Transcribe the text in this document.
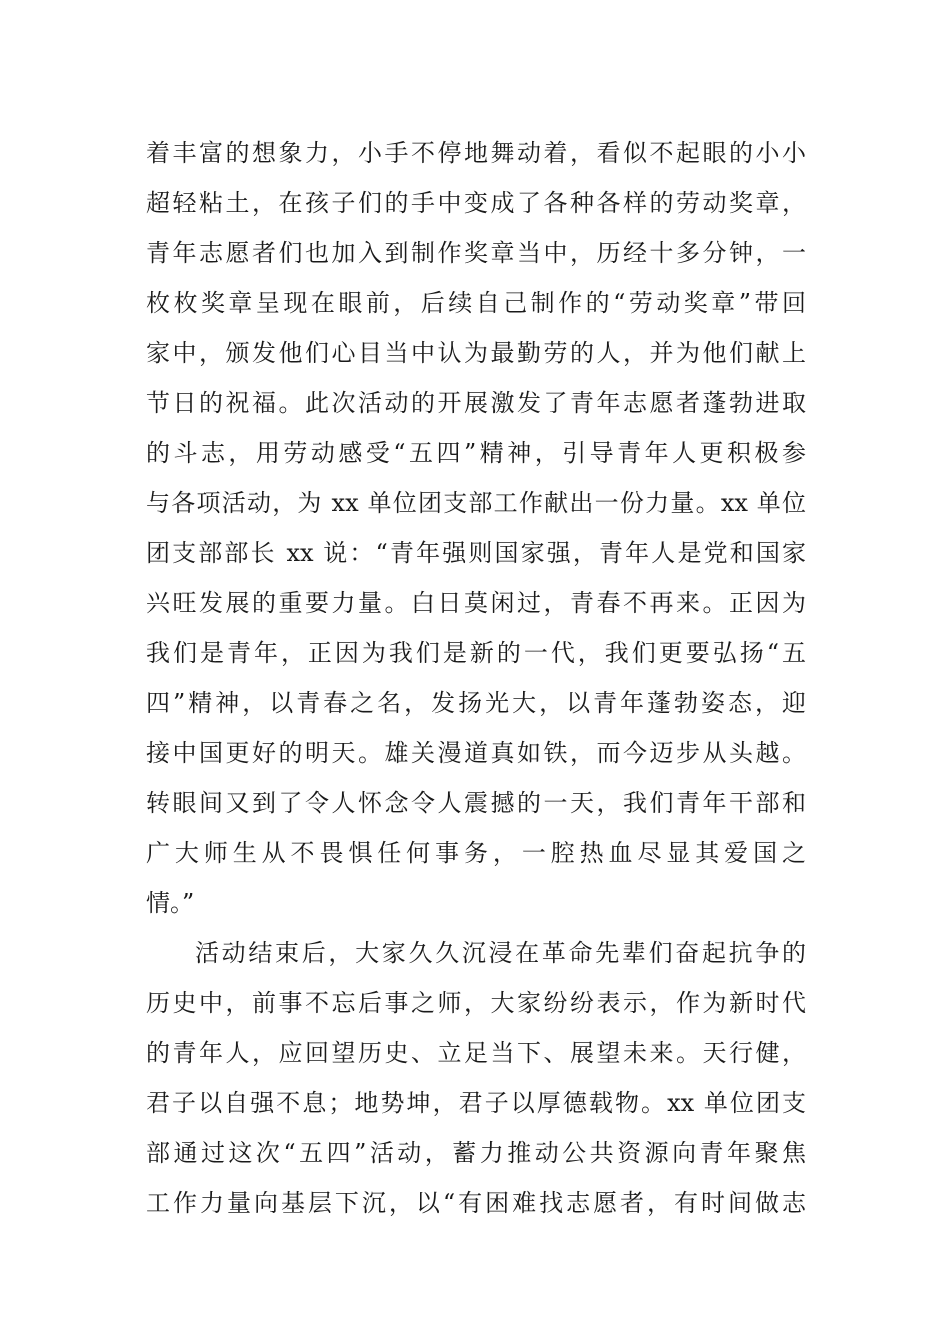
着丰富的想象力，小手不停地舞动着，看似不起眼的小小
超轻粘土，在孩子们的手中变成了各种各样的劳动奖章，
青年志愿者们也加入到制作奖章当中，历经十多分钟，一
枚枚奖章呈现在眼前，后续自己制作的“劳动奖章”带回
家中，颁发他们心目当中认为最勤劳的人，并为他们献上
节日的祝福。此次活动的开展激发了青年志愿者蓬勃进取
的斗志，用劳动感受“五四”精神，引导青年人更积极参
与各项活动，为 xx 单位团支部工作献出一份力量。xx 单位
团支部部长 xx 说：“青年强则国家强，青年人是党和国家
兴旺发展的重要力量。白日莫闲过，青春不再来。正因为
我们是青年，正因为我们是新的一代，我们更要弘扬“五
四”精神，以青春之名，发扬光大，以青年蓬勃姿态，迎
接中国更好的明天。雄关漫道真如铁，而今迈步从头越。
转眼间又到了令人怀念令人震撼的一天，我们青年干部和
广大师生从不畏惧任何事务，一腔热血尽显其爱国之
情。”
活动结束后，大家久久沉浸在革命先辈们奋起抗争的
历史中，前事不忘后事之师，大家纷纷表示，作为新时代
的青年人，应回望历史、立足当下、展望未来。天行健，
君子以自强不息；地势坤，君子以厚德载物。xx 单位团支
部通过这次“五四”活动，蓄力推动公共资源向青年聚焦
工作力量向基层下沉，以“有困难找志愿者，有时间做志
